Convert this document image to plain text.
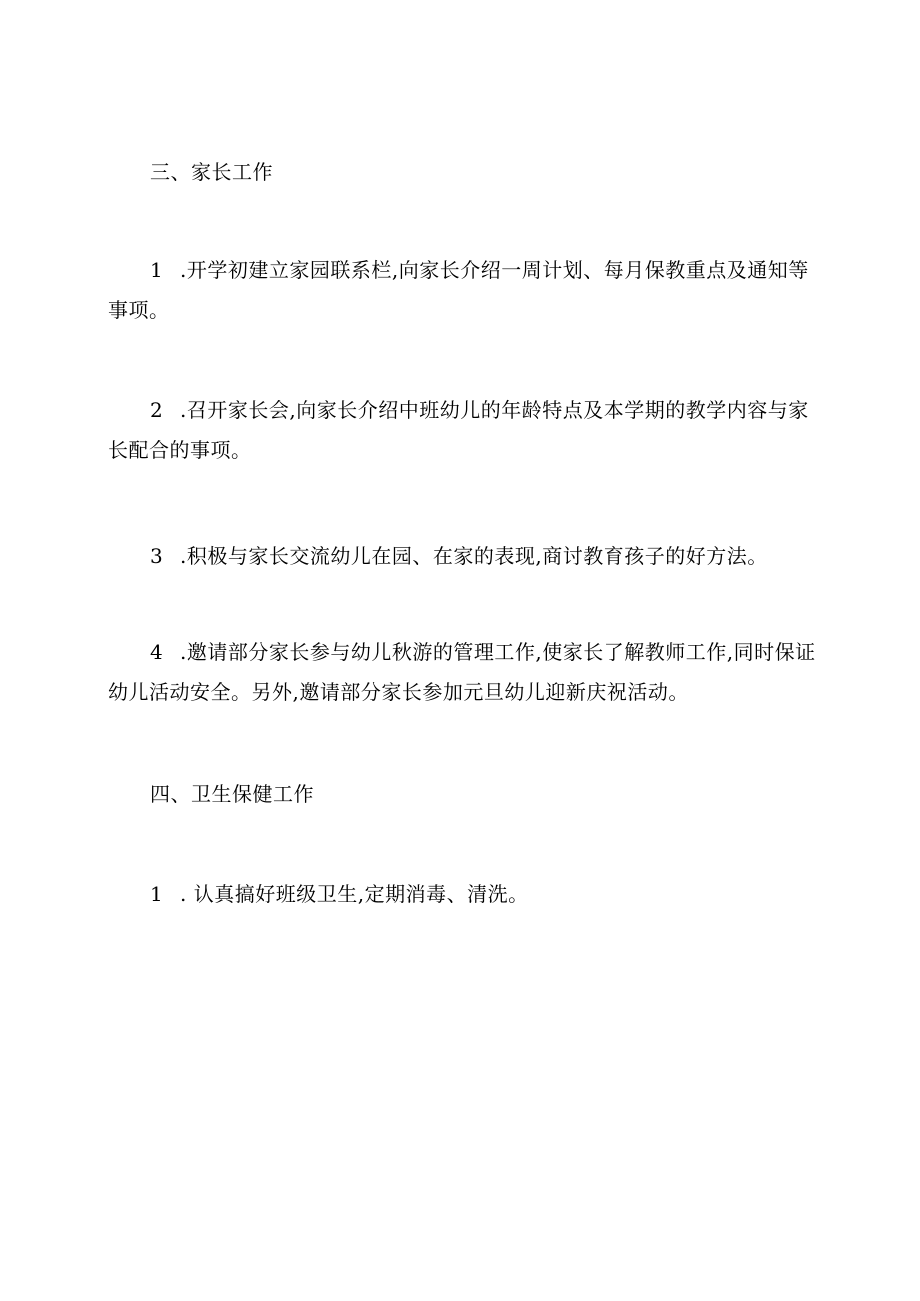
三、家长工作
1 .开学初建立家园联系栏,向家长介绍一周计划、每月保教重点及通知等事项。
2 .召开家长会,向家长介绍中班幼儿的年龄特点及本学期的教学内容与家长配合的事项。
3 .积极与家长交流幼儿在园、在家的表现,商讨教育孩子的好方法。
4 .邀请部分家长参与幼儿秋游的管理工作,使家长了解教师工作,同时保证幼儿活动安全。另外,邀请部分家长参加元旦幼儿迎新庆祝活动。
四、卫生保健工作
1 . 认真搞好班级卫生,定期消毒、清洗。
